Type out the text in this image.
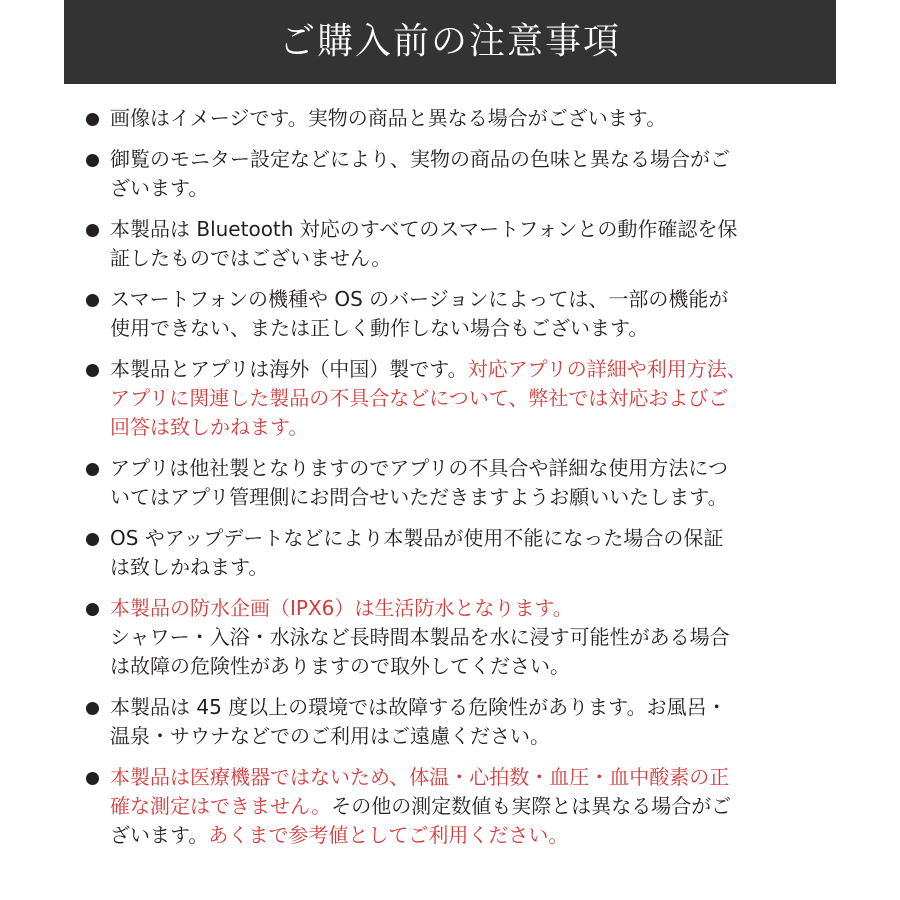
ご購入前の注意事項
画像はイメージです。実物の商品と異なる場合がございます。
御覧のモニター設定などにより、実物の商品の色味と異なる場合がご
ざいます。
本製品は Bluetooth 対応のすべてのスマートフォンとの動作確認を保
証したものではございません。
スマートフォンの機種や OS のバージョンによっては、一部の機能が
使用できない、または正しく動作しない場合もございます。
本製品とアプリは海外（中国）製です。対応アプリの詳細や利用方法、
アプリに関連した製品の不具合などについて、弊社では対応およびご
回答は致しかねます。
アプリは他社製となりますのでアプリの不具合や詳細な使用方法につ
いてはアプリ管理側にお問合せいただきますようお願いいたします。
OS やアップデートなどにより本製品が使用不能になった場合の保証
は致しかねます。
本製品の防水企画（IPX6）は生活防水となります。
シャワー・入浴・水泳など長時間本製品を水に浸す可能性がある場合
は故障の危険性がありますので取外してください。
本製品は 45 度以上の環境では故障する危険性があります。お風呂・
温泉・サウナなどでのご利用はご遠慮ください。
本製品は医療機器ではないため、体温・心拍数・血圧・血中酸素の正
確な測定はできません。その他の測定数値も実際とは異なる場合がご
ざいます。あくまで参考値としてご利用ください。
